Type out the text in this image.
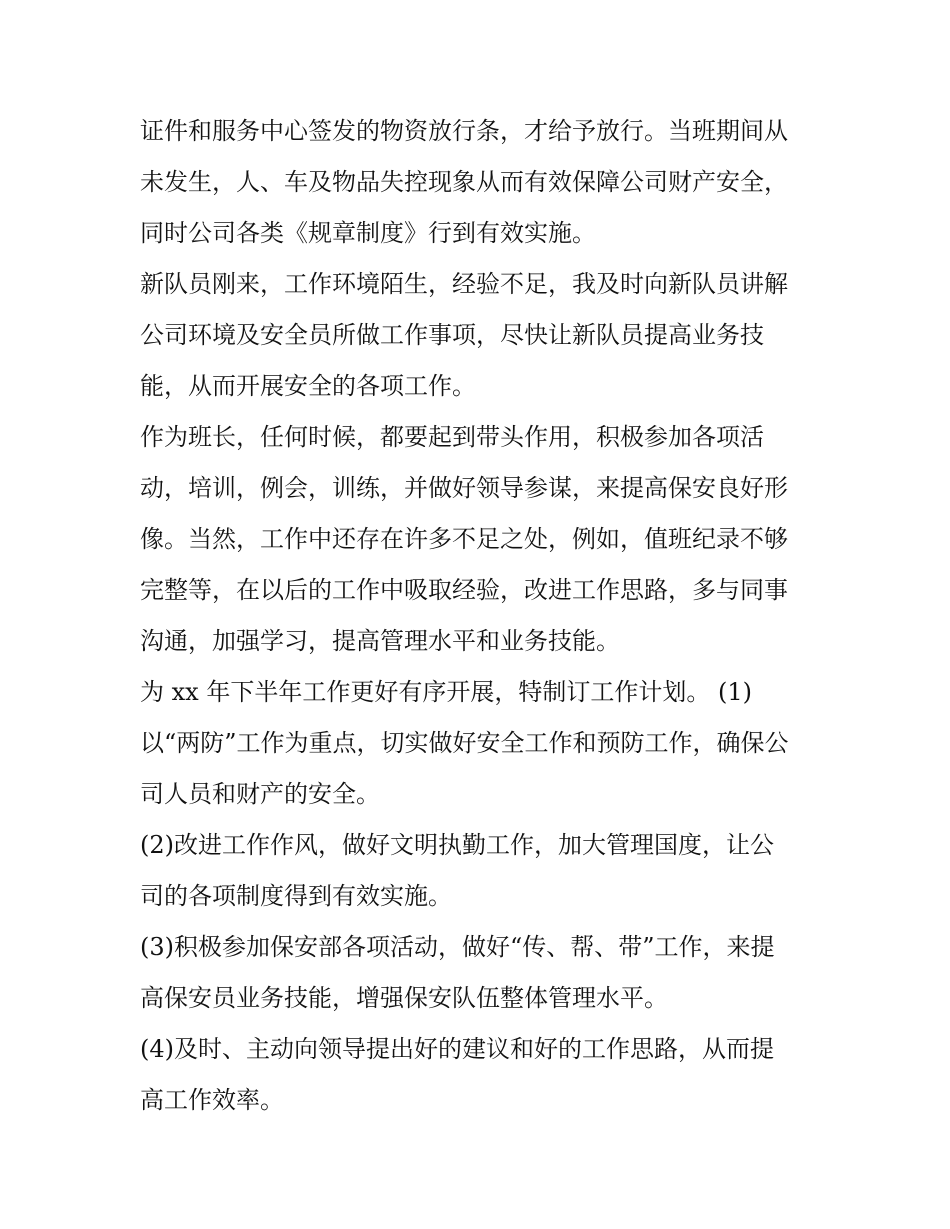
证件和服务中心签发的物资放行条，才给予放行。当班期间从
未发生，人、车及物品失控现象从而有效保障公司财产安全，
同时公司各类《规章制度》行到有效实施。
新队员刚来，工作环境陌生，经验不足，我及时向新队员讲解
公司环境及安全员所做工作事项，尽快让新队员提高业务技
能，从而开展安全的各项工作。
作为班长，任何时候，都要起到带头作用，积极参加各项活
动，培训，例会，训练，并做好领导参谋，来提高保安良好形
像。当然，工作中还存在许多不足之处，例如，值班纪录不够
完整等，在以后的工作中吸取经验，改进工作思路，多与同事
沟通，加强学习，提高管理水平和业务技能。
为 xx 年下半年工作更好有序开展，特制订工作计划。 (1)
以“两防”工作为重点，切实做好安全工作和预防工作，确保公
司人员和财产的安全。
(2)改进工作作风，做好文明执勤工作，加大管理国度，让公
司的各项制度得到有效实施。
(3)积极参加保安部各项活动，做好“传、帮、带”工作，来提
高保安员业务技能，增强保安队伍整体管理水平。
(4)及时、主动向领导提出好的建议和好的工作思路，从而提
高工作效率。
